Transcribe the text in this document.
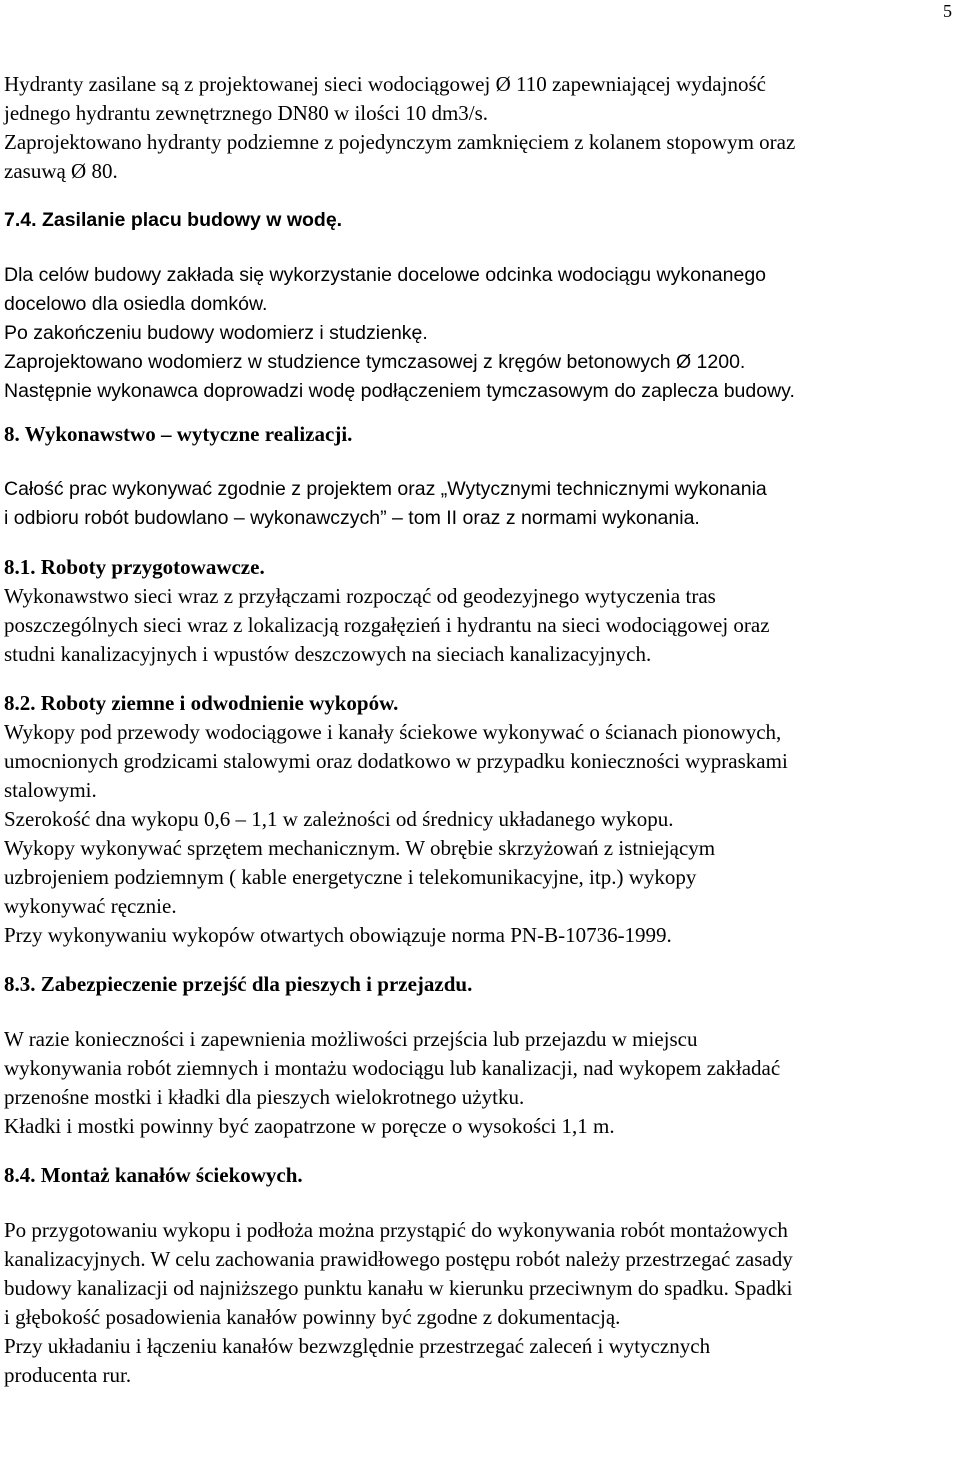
5

Hydranty zasilane są z projektowanej sieci wodociągowej Ø 110 zapewniającej wydajność

jednego hydrantu zewnętrznego DN80 w ilości 10 dm3/s.

Zaprojektowano hydranty podziemne z pojedynczym zamknięciem z kolanem stopowym oraz

zasuwą Ø 80.

7.4. Zasilanie placu budowy w wodę.

Dla celów budowy zakłada się wykorzystanie docelowe odcinka wodociągu wykonanego

docelowo dla osiedla domków.

Po zakończeniu budowy wodomierz i studzienkę.

Zaprojektowano wodomierz w studzience tymczasowej z kręgów betonowych Ø 1200.

Następnie wykonawca doprowadzi wodę podłączeniem tymczasowym do zaplecza budowy.

8. Wykonawstwo – wytyczne realizacji.

Całość prac wykonywać zgodnie z projektem oraz „Wytycznymi technicznymi wykonania

i odbioru robót budowlano – wykonawczych” – tom II oraz z normami wykonania.

8.1. Roboty przygotowawcze.

Wykonawstwo sieci wraz z przyłączami rozpocząć od geodezyjnego wytyczenia tras

poszczególnych sieci wraz z lokalizacją rozgałęzień i hydrantu na sieci wodociągowej oraz

studni kanalizacyjnych i wpustów deszczowych na sieciach kanalizacyjnych.

8.2. Roboty ziemne i odwodnienie wykopów.

Wykopy pod przewody wodociągowe i kanały ściekowe wykonywać o ścianach pionowych,

umocnionych grodzicami stalowymi oraz dodatkowo w przypadku konieczności wypraskami

stalowymi.

Szerokość dna wykopu 0,6 – 1,1 w zależności od średnicy układanego wykopu.

Wykopy wykonywać sprzętem mechanicznym. W obrębie skrzyżowań z istniejącym

uzbrojeniem podziemnym ( kable energetyczne i telekomunikacyjne, itp.) wykopy

wykonywać ręcznie.

Przy wykonywaniu wykopów otwartych obowiązuje norma PN-B-10736-1999.

8.3. Zabezpieczenie przejść dla pieszych i przejazdu.

W razie konieczności i zapewnienia możliwości przejścia lub przejazdu w miejscu

wykonywania robót ziemnych i montażu wodociągu lub kanalizacji, nad wykopem zakładać

przenośne mostki i kładki dla pieszych wielokrotnego użytku.

Kładki i mostki powinny być zaopatrzone w poręcze o wysokości 1,1 m.

8.4. Montaż kanałów ściekowych.

Po przygotowaniu wykopu i podłoża można przystąpić do wykonywania robót montażowych

kanalizacyjnych. W celu zachowania prawidłowego postępu robót należy przestrzegać zasady

budowy kanalizacji od najniższego punktu kanału w kierunku przeciwnym do spadku. Spadki

i głębokość posadowienia kanałów powinny być zgodne z dokumentacją.

Przy układaniu i łączeniu kanałów bezwzględnie przestrzegać zaleceń i wytycznych

producenta rur.
